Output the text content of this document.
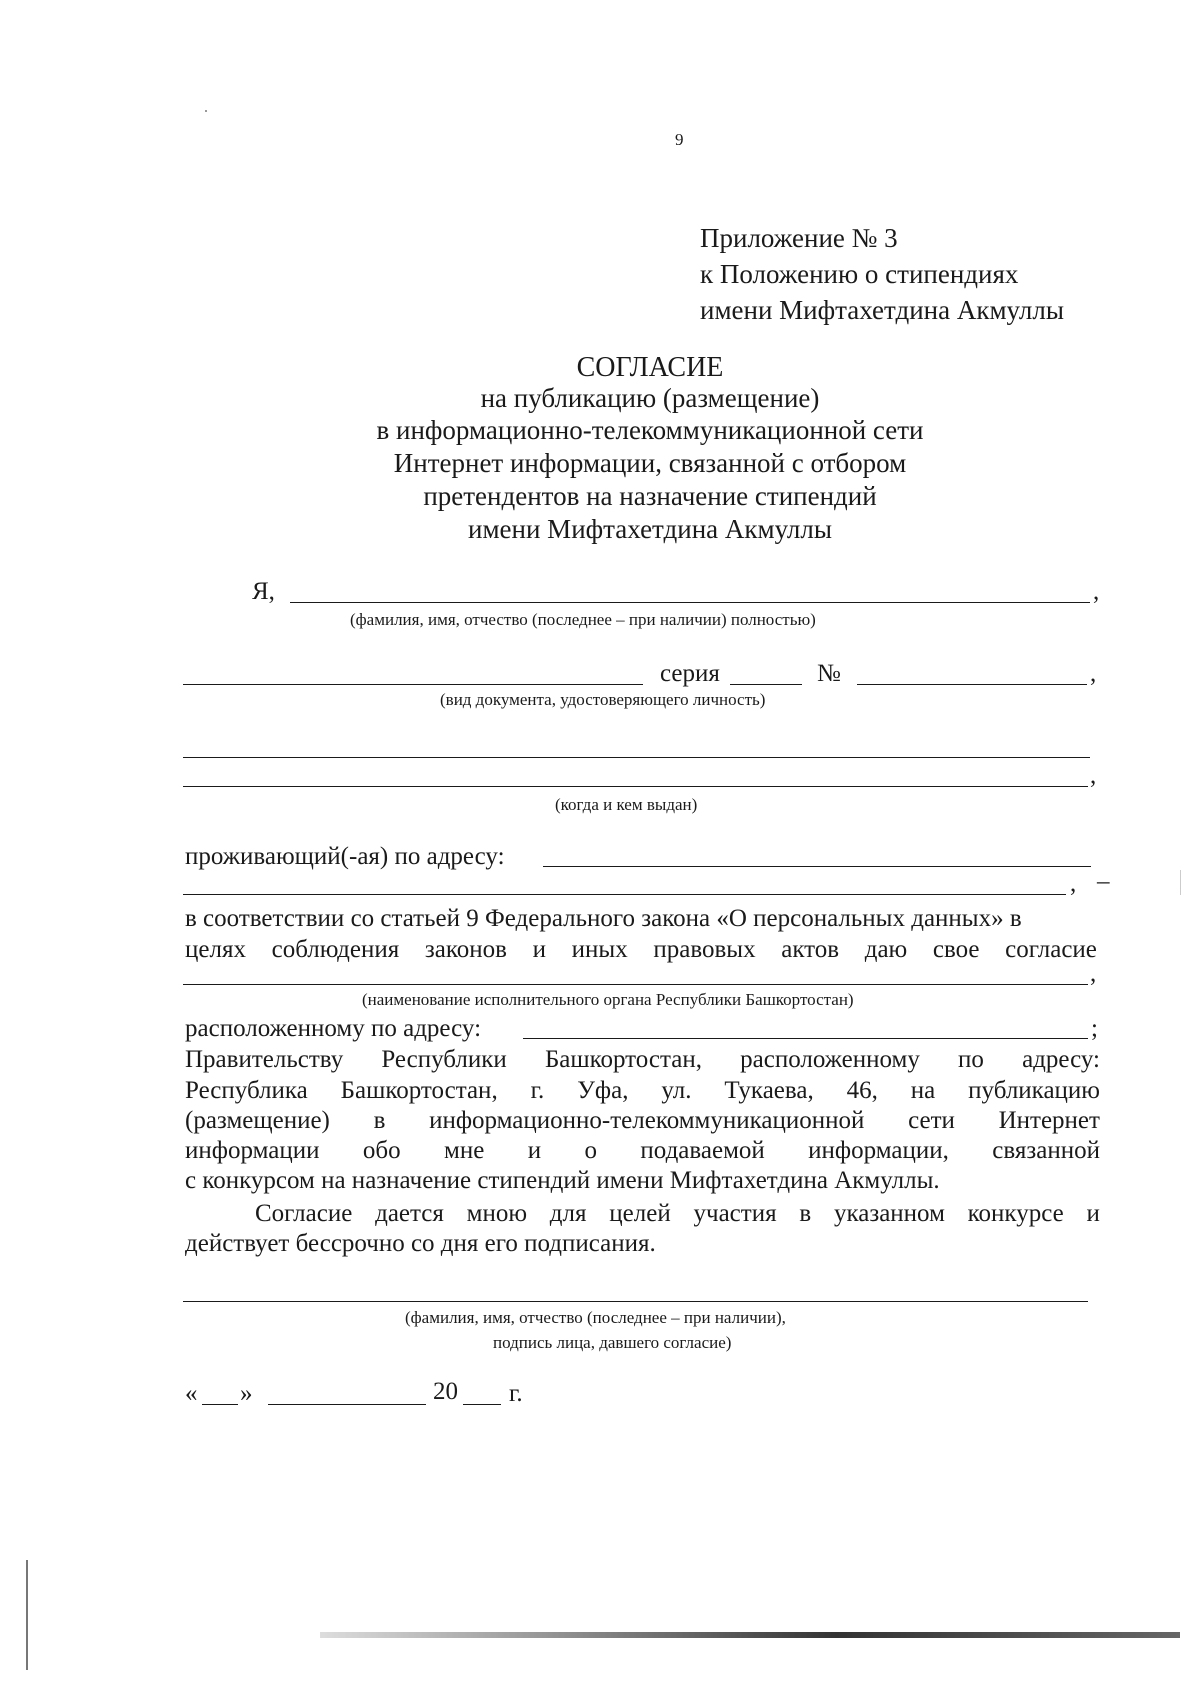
9
Приложение № 3
к Положению о стипендиях
имени Мифтахетдина Акмуллы
СОГЛАСИЕ
на публикацию (размещение)
в информационно-телекоммуникационной сети
Интернет информации, связанной с отбором
претендентов на назначение стипендий
имени Мифтахетдина Акмуллы
Я,	,
(фамилия, имя, отчество (последнее – при наличии) полностью)
серия	№	,
(вид документа, удостоверяющего личность)
,
(когда и кем выдан)
проживающий(-ая) по адресу:
, –
в соответствии со статьей 9 Федерального закона «О персональных данных» в
целях соблюдения законов и иных правовых актов даю свое согласие
,
(наименование исполнительного органа Республики Башкортостан)
расположенному по адресу:	;
Правительству Республики Башкортостан, расположенному по адресу:
Республика Башкортостан, г. Уфа, ул. Тукаева, 46, на публикацию
(размещение) в информационно-телекоммуникационной сети Интернет
информации обо мне и о подаваемой информации, связанной
с конкурсом на назначение стипендий имени Мифтахетдина Акмуллы.
Согласие дается мною для целей участия в указанном конкурсе и
действует бессрочно со дня его подписания.
(фамилия, имя, отчество (последнее – при наличии),
подпись лица, давшего согласие)
« »	20 г.
